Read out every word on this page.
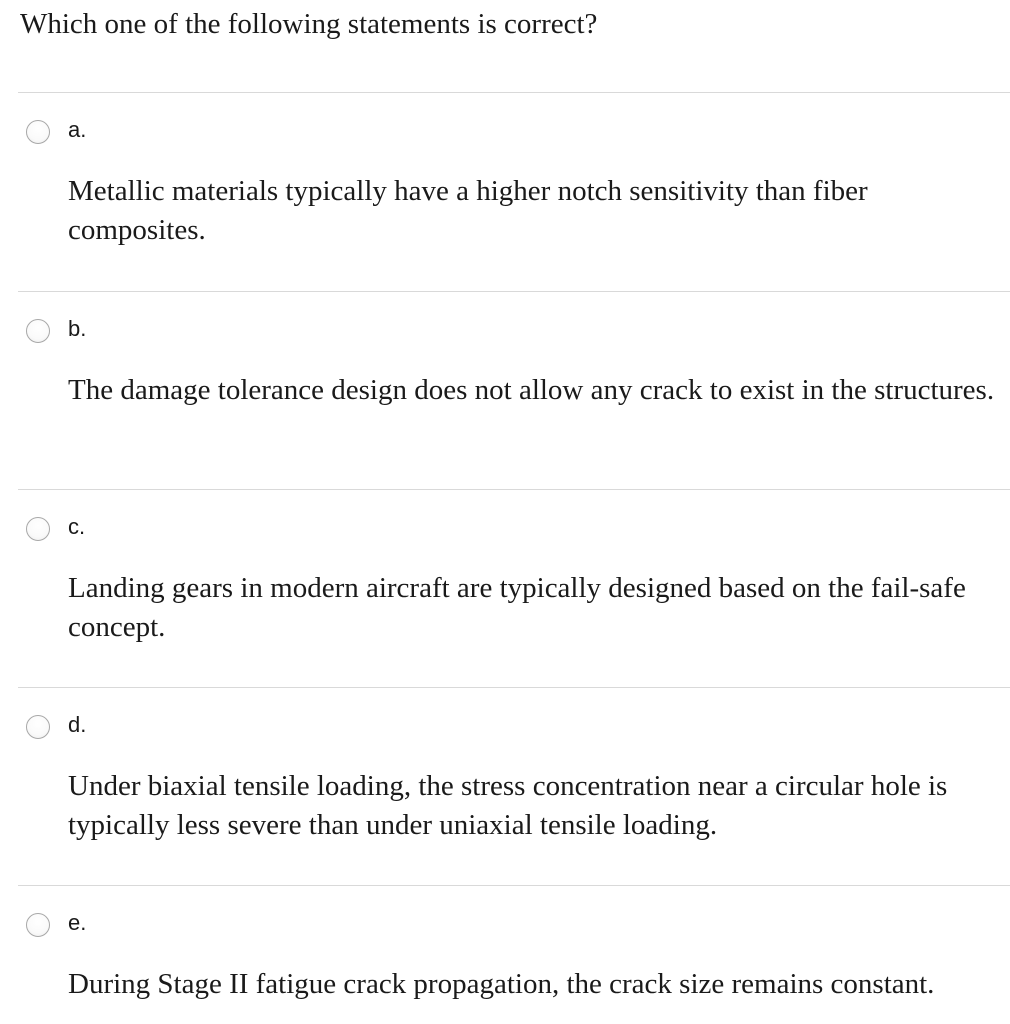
Which one of the following statements is correct?
a.
Metallic materials typically have a higher notch sensitivity than fiber composites.
b.
The damage tolerance design does not allow any crack to exist in the structures.
c.
Landing gears in modern aircraft are typically designed based on the fail-safe concept.
d.
Under biaxial tensile loading, the stress concentration near a circular hole is typically less severe than under uniaxial tensile loading.
e.
During Stage II fatigue crack propagation, the crack size remains constant.
